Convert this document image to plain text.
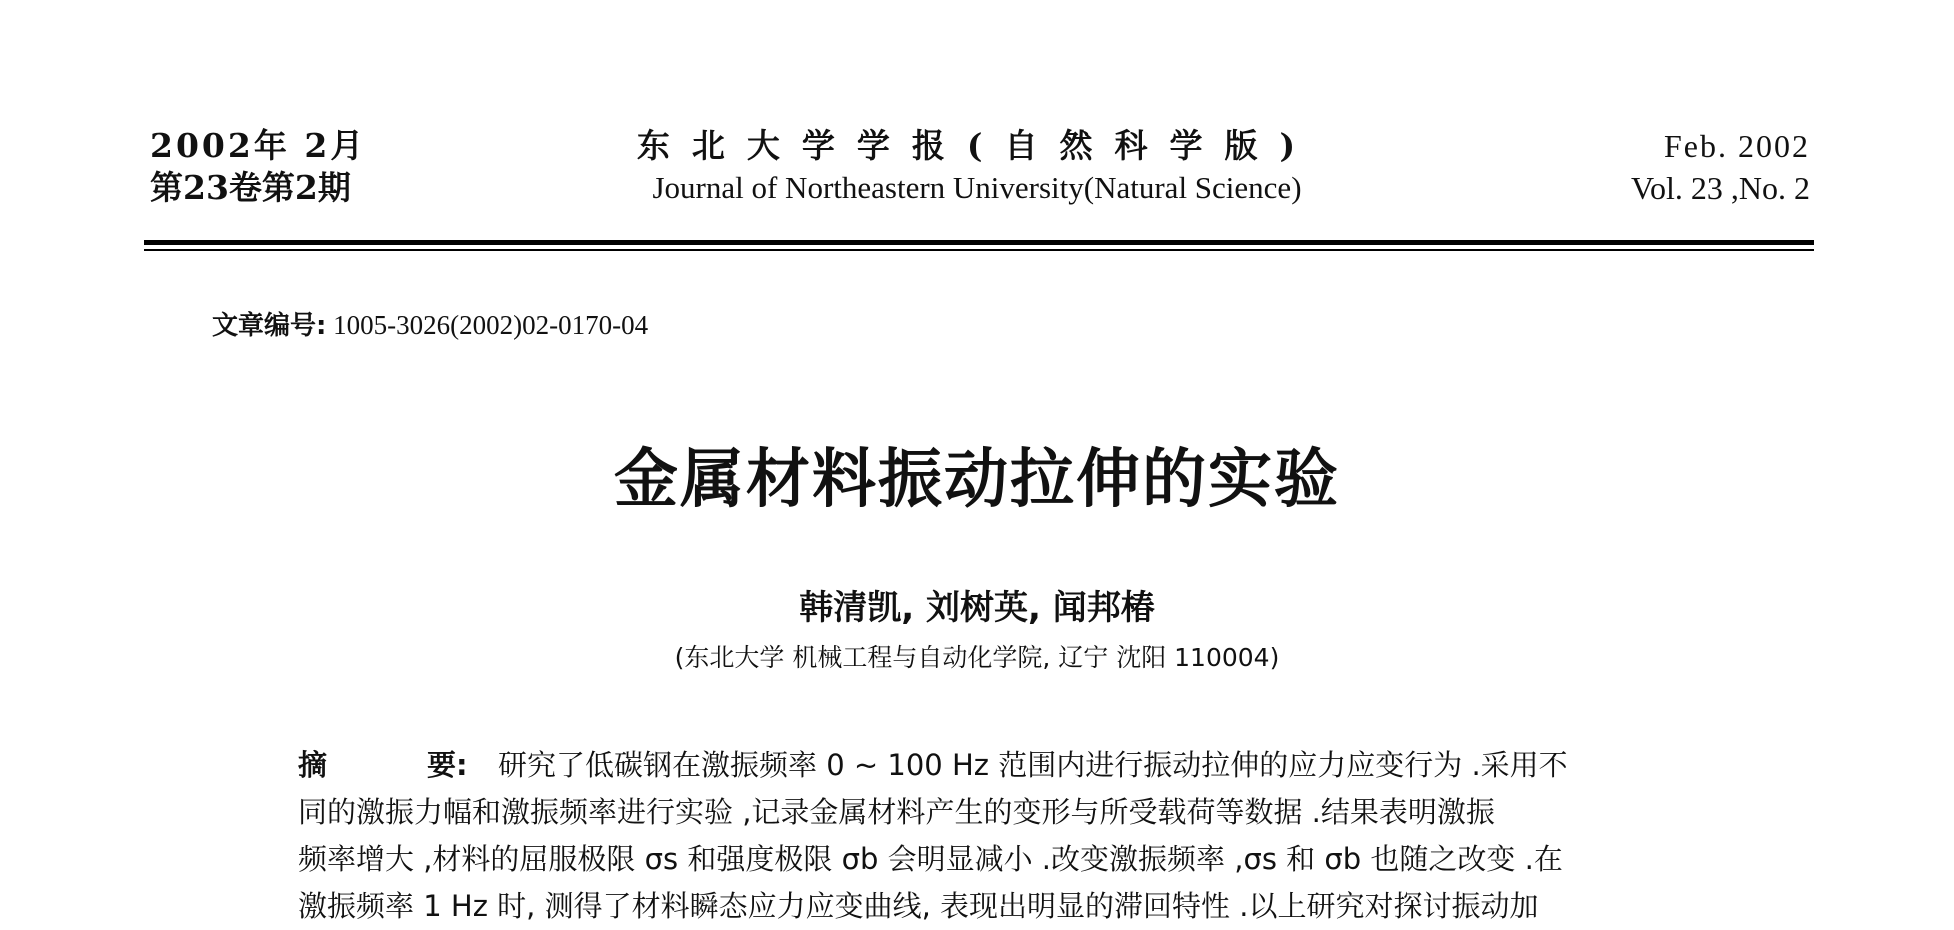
2002年 2月
第23卷第2期
东北大学学报(自然科学版)
Journal of Northeastern University(Natural Science)
Feb. 2002
Vol. 23 ,No. 2
文章编号: 1005-3026(2002)02-0170-04
金属材料振动拉伸的实验
韩清凯, 刘树英, 闻邦椿
(东北大学 机械工程与自动化学院, 辽宁 沈阳 110004)
摘	要: 研究了低碳钢在激振频率 0 ~ 100 Hz 范围内进行振动拉伸的应力应变行为 .采用不
同的激振力幅和激振频率进行实验 ,记录金属材料产生的变形与所受载荷等数据 .结果表明激振
频率增大 ,材料的屈服极限 σs 和强度极限 σb 会明显减小 .改变激振频率 ,σs 和 σb 也随之改变 .在
激振频率 1 Hz 时, 测得了材料瞬态应力应变曲线, 表现出明显的滞回特性 .以上研究对探讨振动加
